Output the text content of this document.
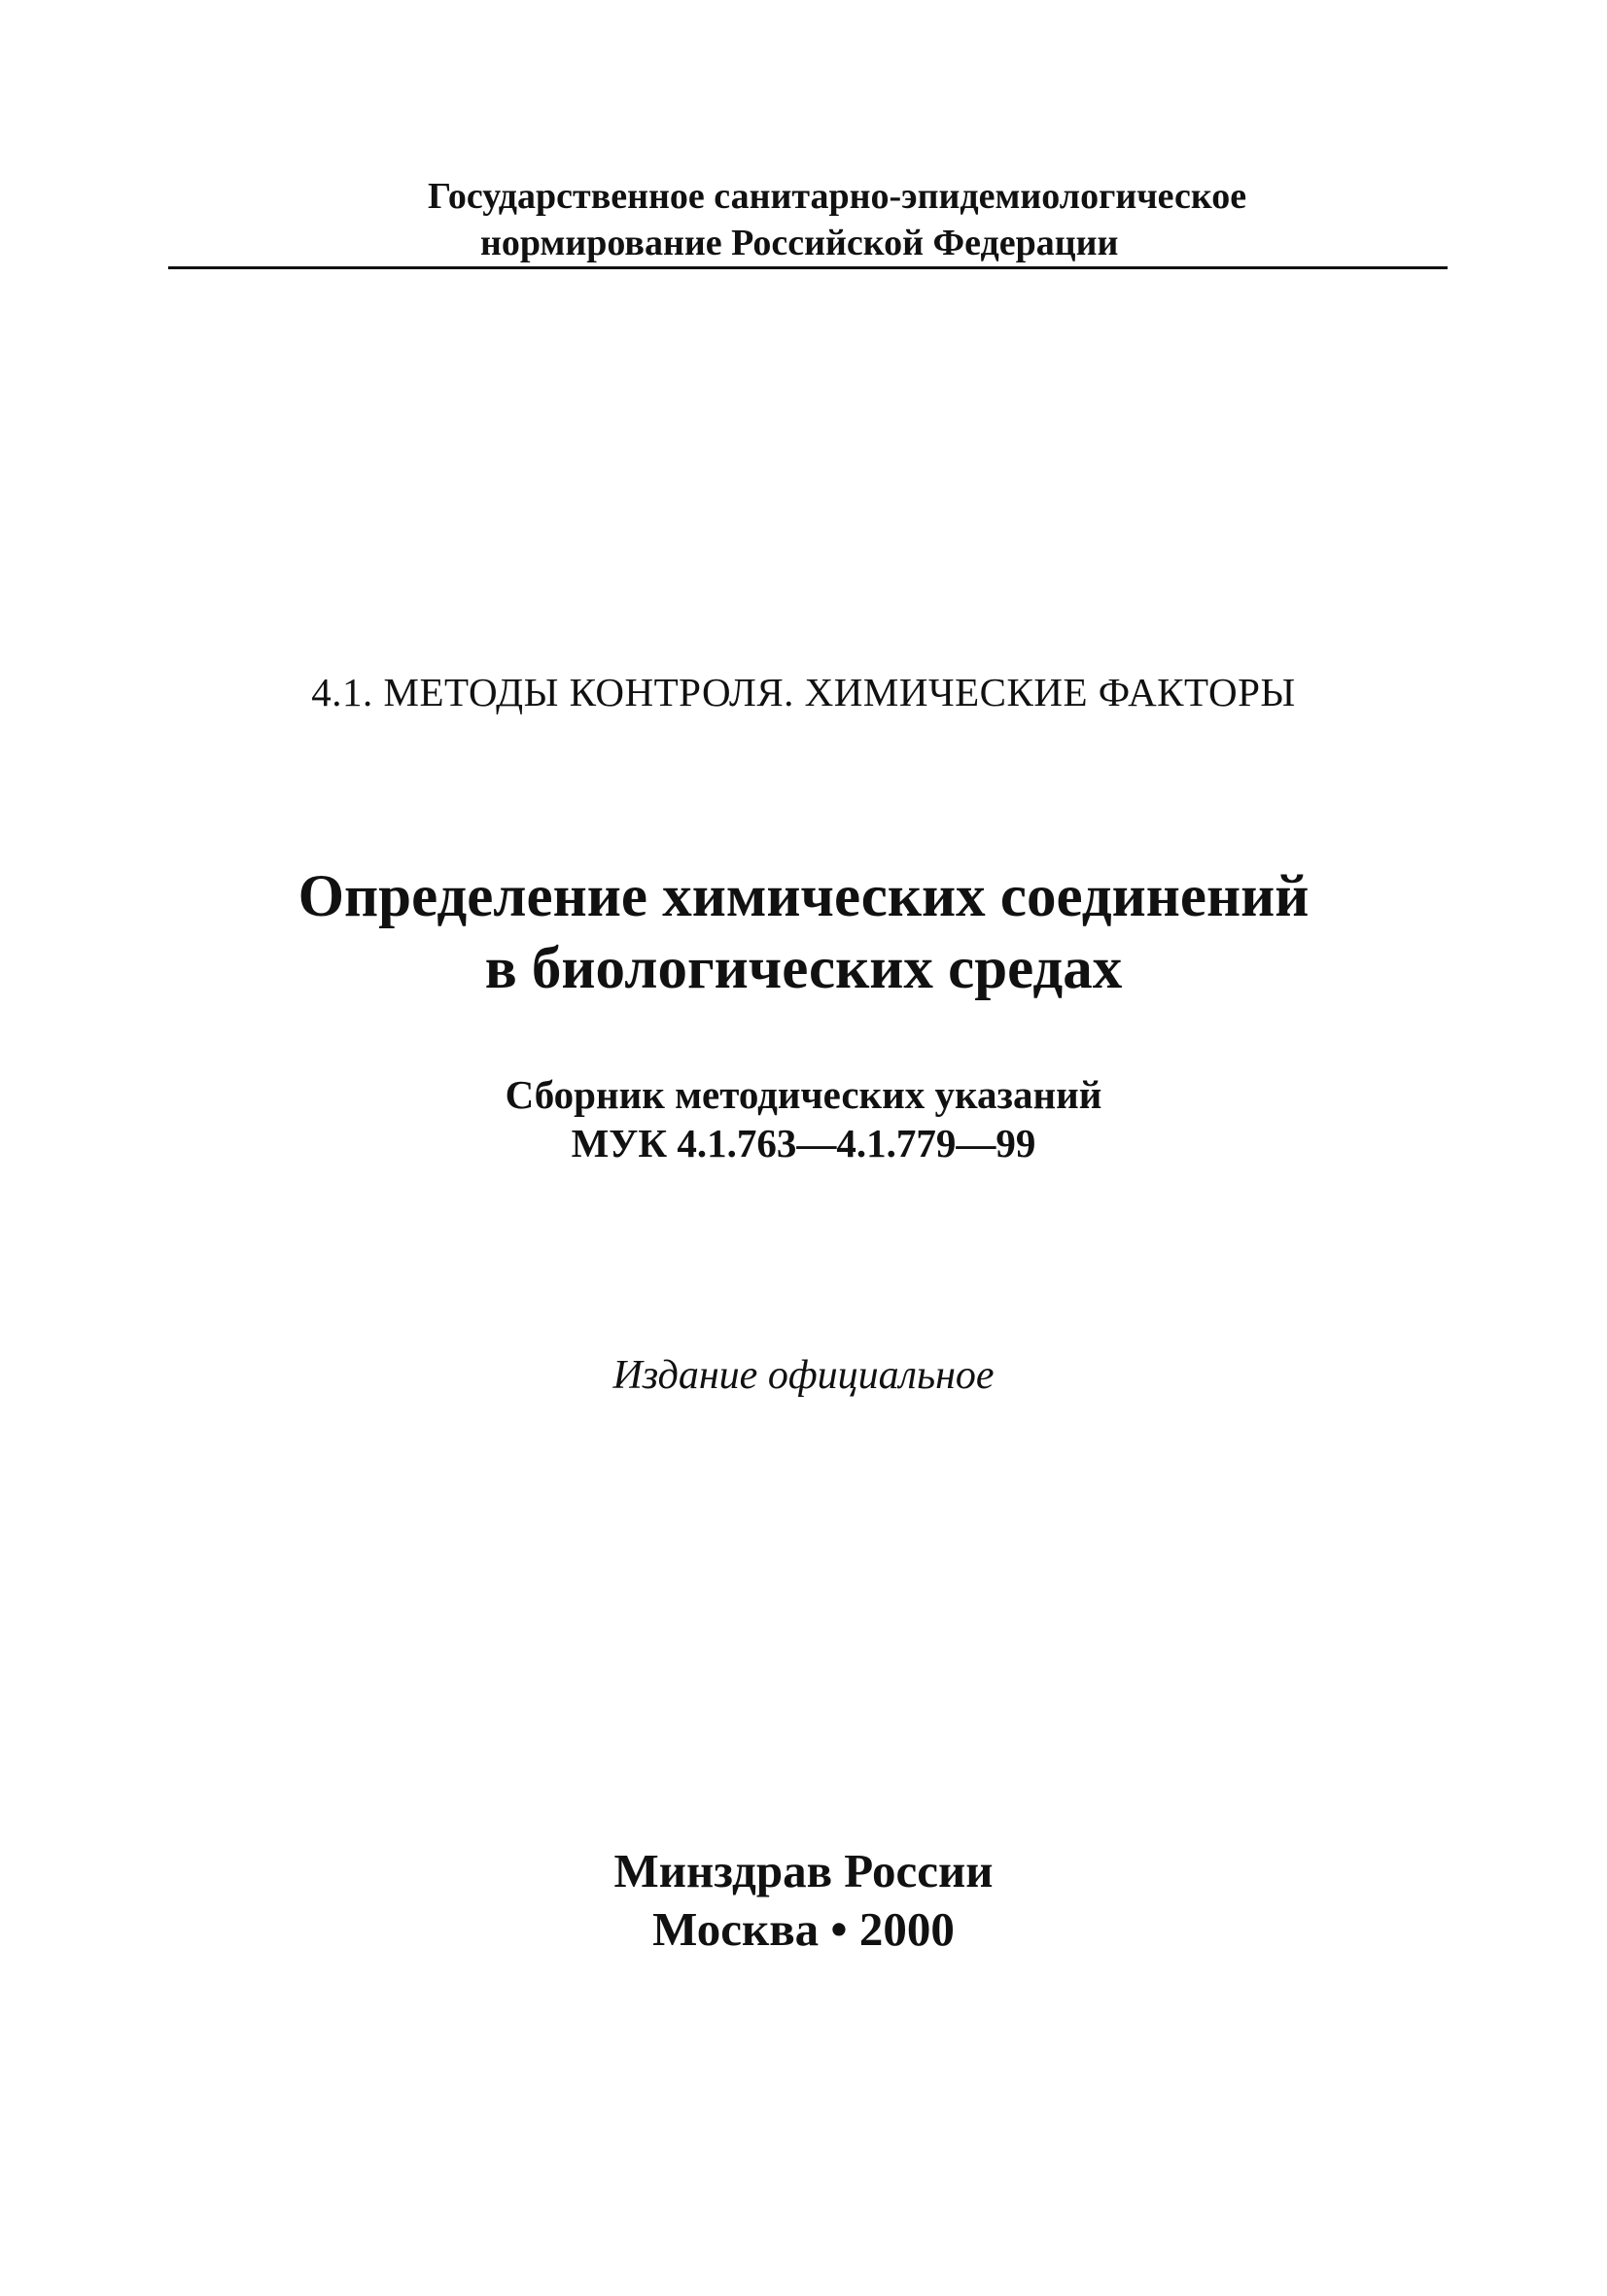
Государственное санитарно-эпидемиологическое
нормирование Российской Федерации
4.1. МЕТОДЫ КОНТРОЛЯ. ХИМИЧЕСКИЕ ФАКТОРЫ
Определение химических соединений
в биологических средах
Сборник методических указаний
МУК 4.1.763—4.1.779—99
Издание официальное
Минздрав России
Москва • 2000
